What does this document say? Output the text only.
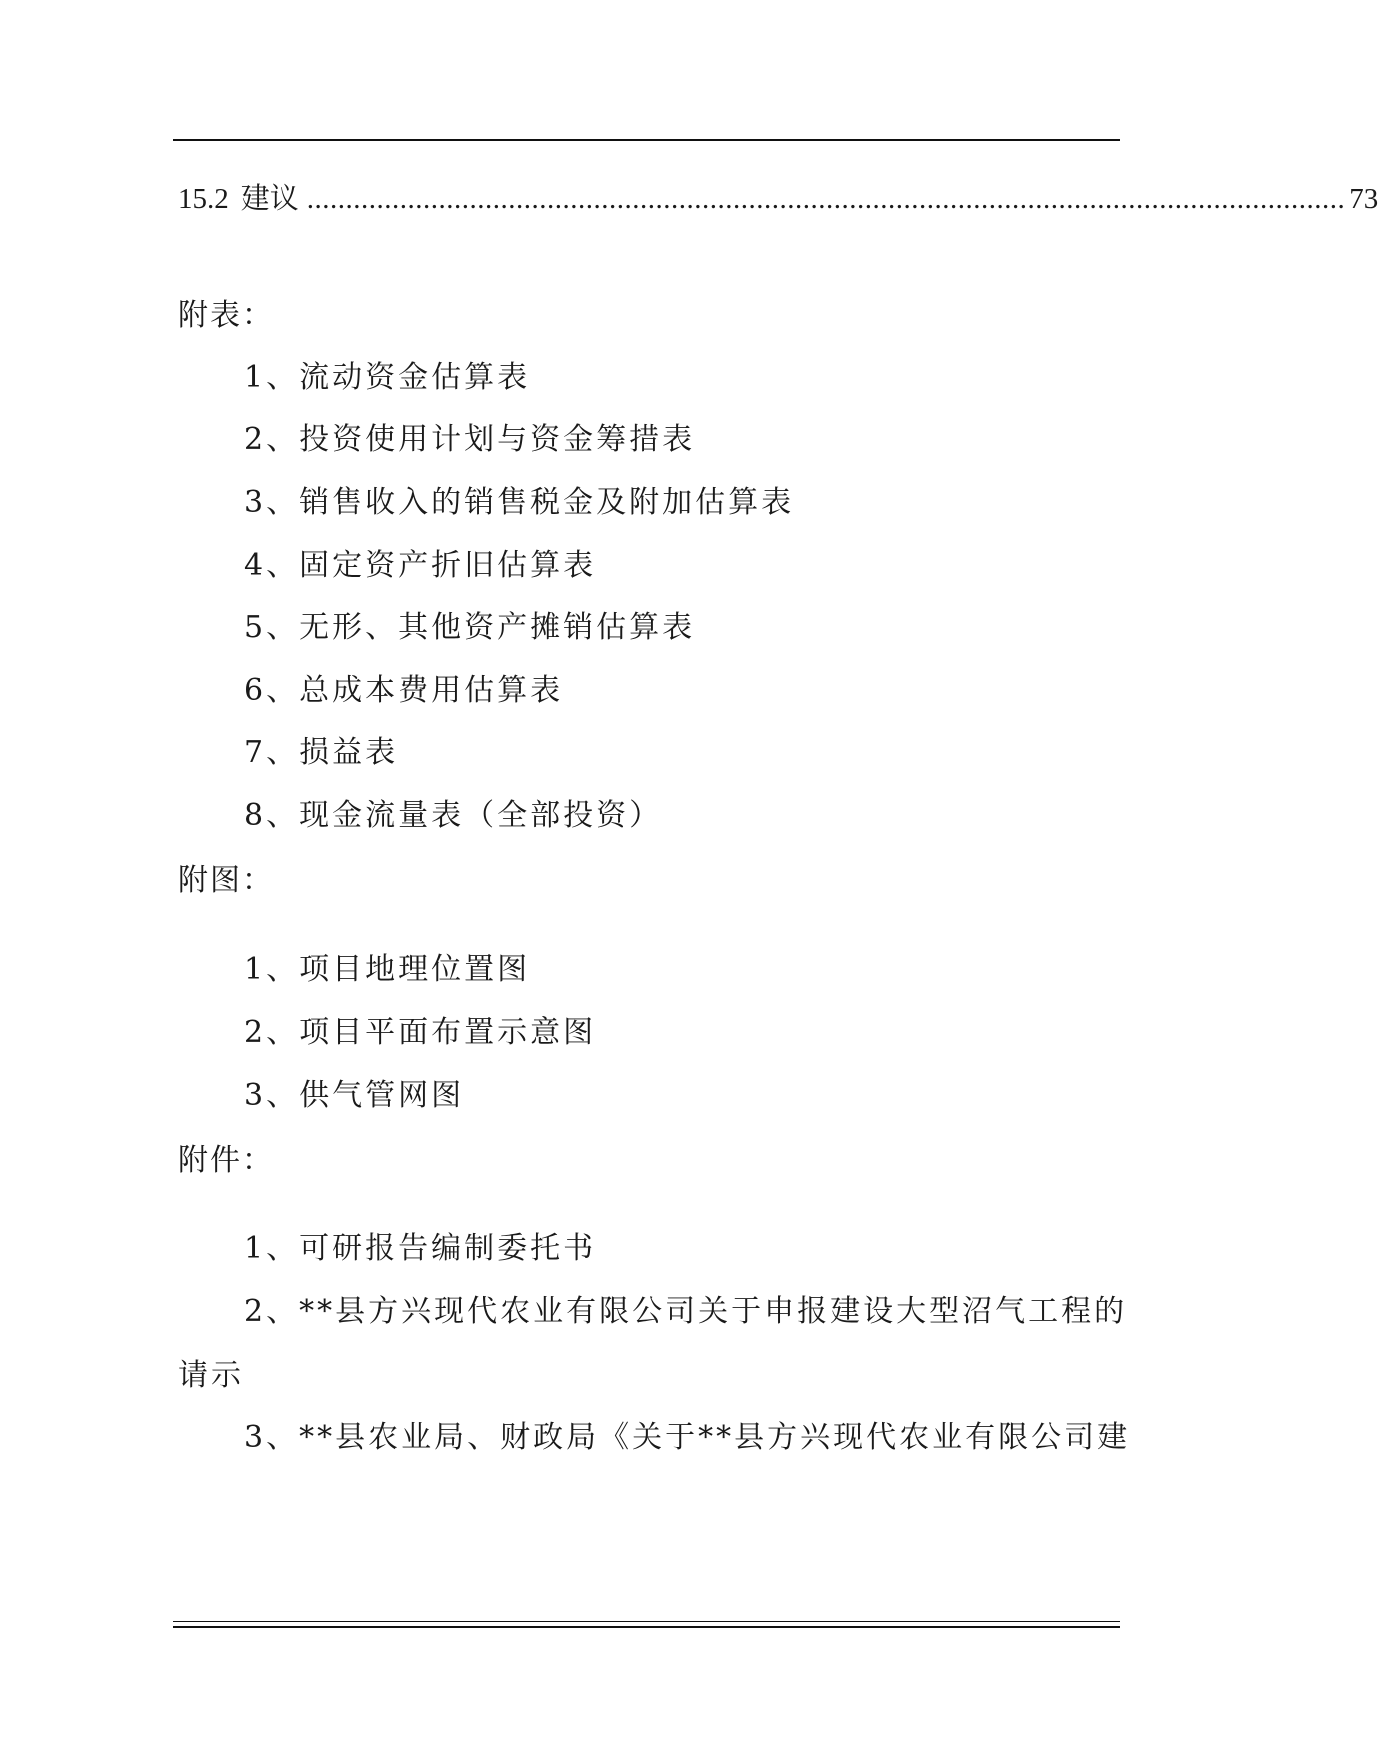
15.2 建议 ...................................................................................................................................... 73
附表：
1、流动资金估算表
2、投资使用计划与资金筹措表
3、销售收入的销售税金及附加估算表
4、固定资产折旧估算表
5、无形、其他资产摊销估算表
6、总成本费用估算表
7、损益表
8、现金流量表（全部投资）
附图：
1、项目地理位置图
2、项目平面布置示意图
3、供气管网图
附件：
1、可研报告编制委托书
2、**县方兴现代农业有限公司关于申报建设大型沼气工程的
请示
3、**县农业局、财政局《关于**县方兴现代农业有限公司建
